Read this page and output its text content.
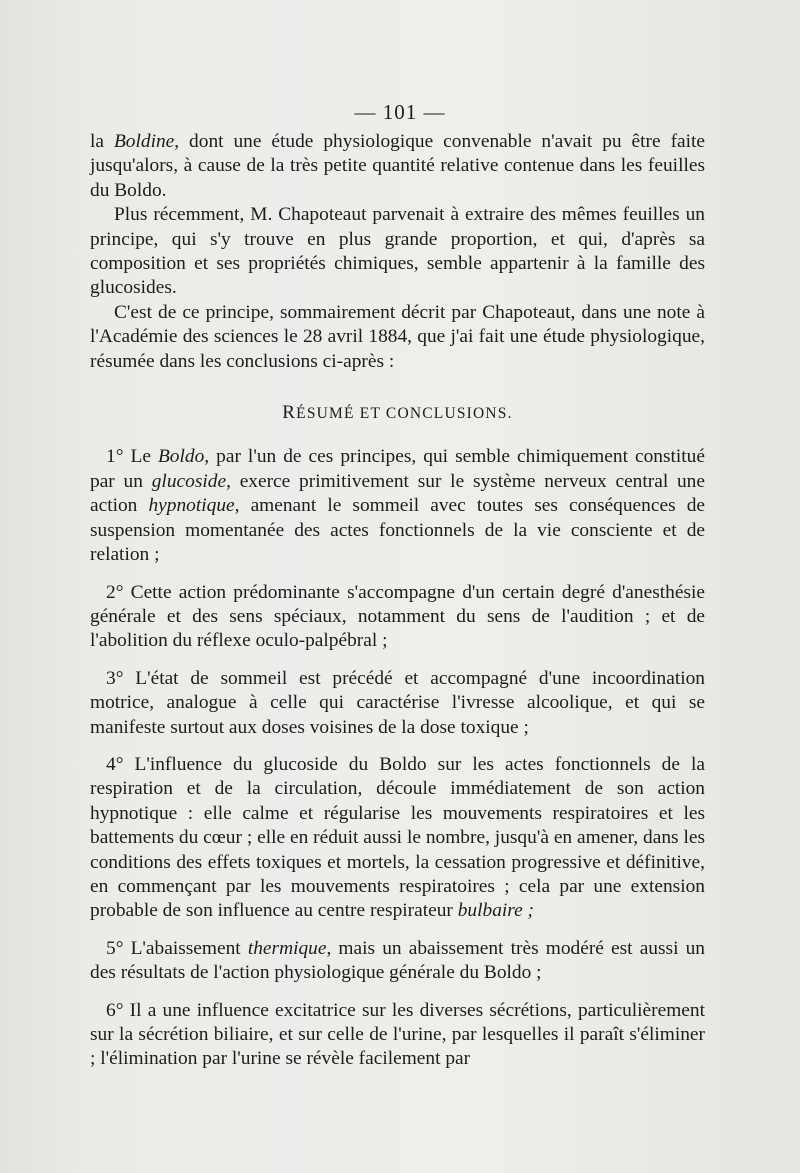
— 101 —

la Boldine, dont une étude physiologique convenable n'avait pu être faite jusqu'alors, à cause de la très petite quantité relative contenue dans les feuilles du Boldo.

Plus récemment, M. Chapoteaut parvenait à extraire des mêmes feuilles un principe, qui s'y trouve en plus grande proportion, et qui, d'après sa composition et ses propriétés chimiques, semble appartenir à la famille des glucosides.

C'est de ce principe, sommairement décrit par Chapoteaut, dans une note à l'Académie des sciences le 28 avril 1884, que j'ai fait une étude physiologique, résumée dans les conclusions ci-après :

RÉSUMÉ ET CONCLUSIONS.

1° Le Boldo, par l'un de ces principes, qui semble chimiquement constitué par un glucoside, exerce primitivement sur le système nerveux central une action hypnotique, amenant le sommeil avec toutes ses conséquences de suspension momentanée des actes fonctionnels de la vie consciente et de relation ;

2° Cette action prédominante s'accompagne d'un certain degré d'anesthésie générale et des sens spéciaux, notamment du sens de l'audition ; et de l'abolition du réflexe oculo-palpébral ;

3° L'état de sommeil est précédé et accompagné d'une incoordination motrice, analogue à celle qui caractérise l'ivresse alcoolique, et qui se manifeste surtout aux doses voisines de la dose toxique ;

4° L'influence du glucoside du Boldo sur les actes fonctionnels de la respiration et de la circulation, découle immédiatement de son action hypnotique : elle calme et régularise les mouvements respiratoires et les battements du cœur ; elle en réduit aussi le nombre, jusqu'à en amener, dans les conditions des effets toxiques et mortels, la cessation progressive et définitive, en commençant par les mouvements respiratoires ; cela par une extension probable de son influence au centre respirateur bulbaire ;

5° L'abaissement thermique, mais un abaissement très modéré est aussi un des résultats de l'action physiologique générale du Boldo ;

6° Il a une influence excitatrice sur les diverses sécrétions, particulièrement sur la sécrétion biliaire, et sur celle de l'urine, par lesquelles il paraît s'éliminer ; l'élimination par l'urine se révèle facilement par
